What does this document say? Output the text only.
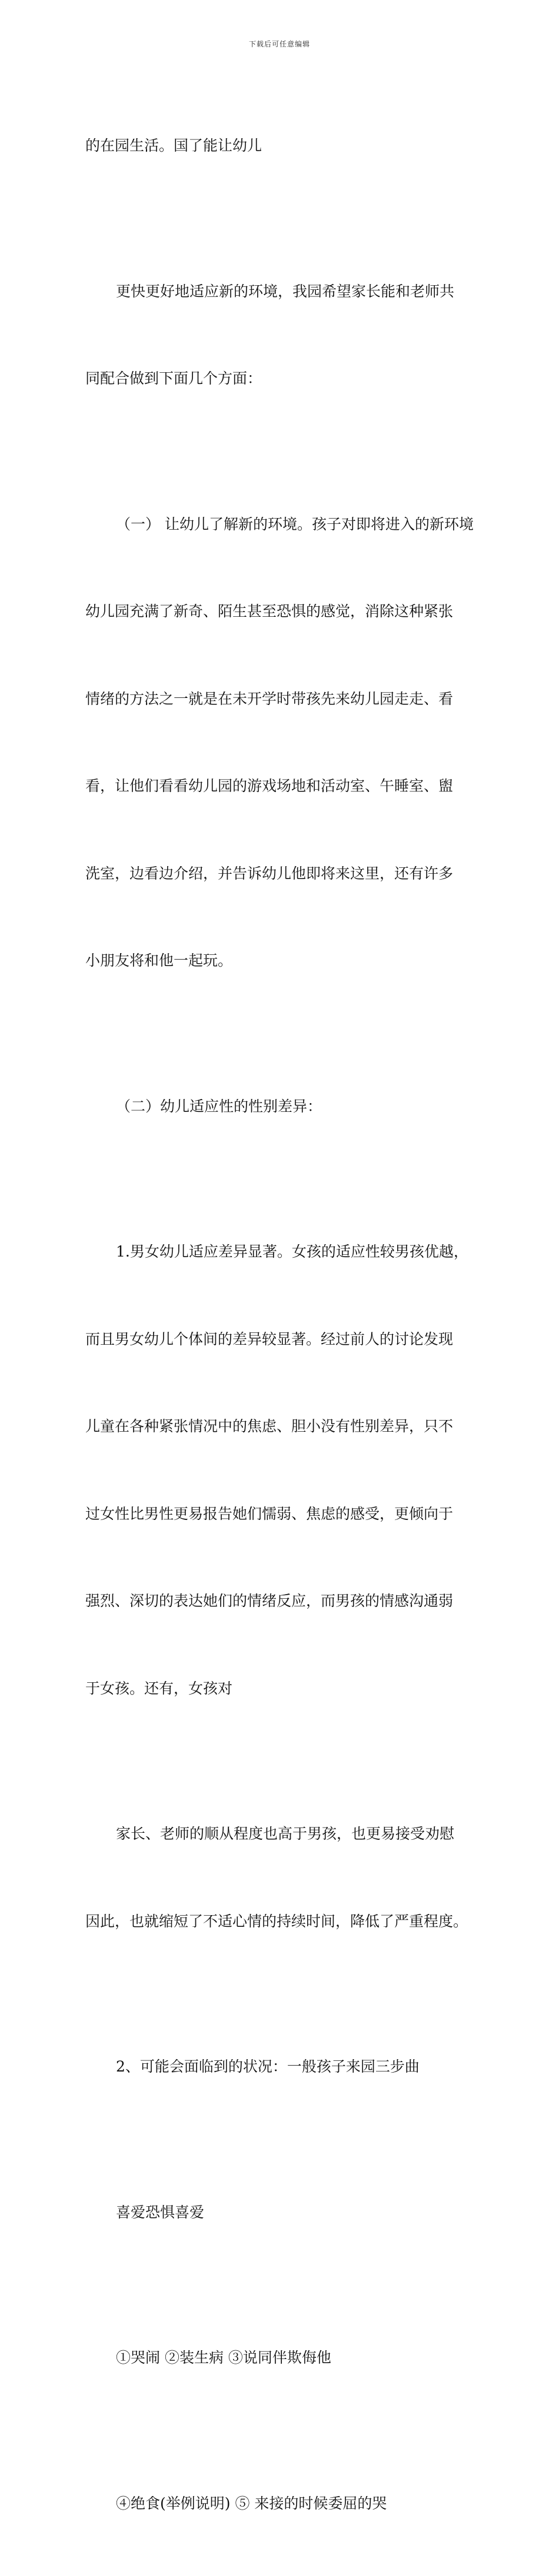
下载后可任意编辑

的在园生活。国了能让幼儿

更快更好地适应新的环境，我园希望家长能和老师共

同配合做到下面几个方面：

（一） 让幼儿了解新的环境。孩子对即将进入的新环境

幼儿园充满了新奇、陌生甚至恐惧的感觉，消除这种紧张

情绪的方法之一就是在未开学时带孩先来幼儿园走走、看

看，让他们看看幼儿园的游戏场地和活动室、午睡室、盥

洗室，边看边介绍，并告诉幼儿他即将来这里，还有许多

小朋友将和他一起玩。

（二）幼儿适应性的性别差异：

1.男女幼儿适应差异显著。女孩的适应性较男孩优越，

而且男女幼儿个体间的差异较显著。经过前人的讨论发现

儿童在各种紧张情况中的焦虑、胆小没有性别差异，只不

过女性比男性更易报告她们懦弱、焦虑的感受，更倾向于

强烈、深切的表达她们的情绪反应，而男孩的情感沟通弱

于女孩。还有，女孩对

家长、老师的顺从程度也高于男孩，也更易接受劝慰

因此，也就缩短了不适心情的持续时间，降低了严重程度。

2、可能会面临到的状况：一般孩子来园三步曲

喜爱恐惧喜爱

①哭闹 ②装生病 ③说同伴欺侮他

④绝食(举例说明) ⑤ 来接的时候委屈的哭
